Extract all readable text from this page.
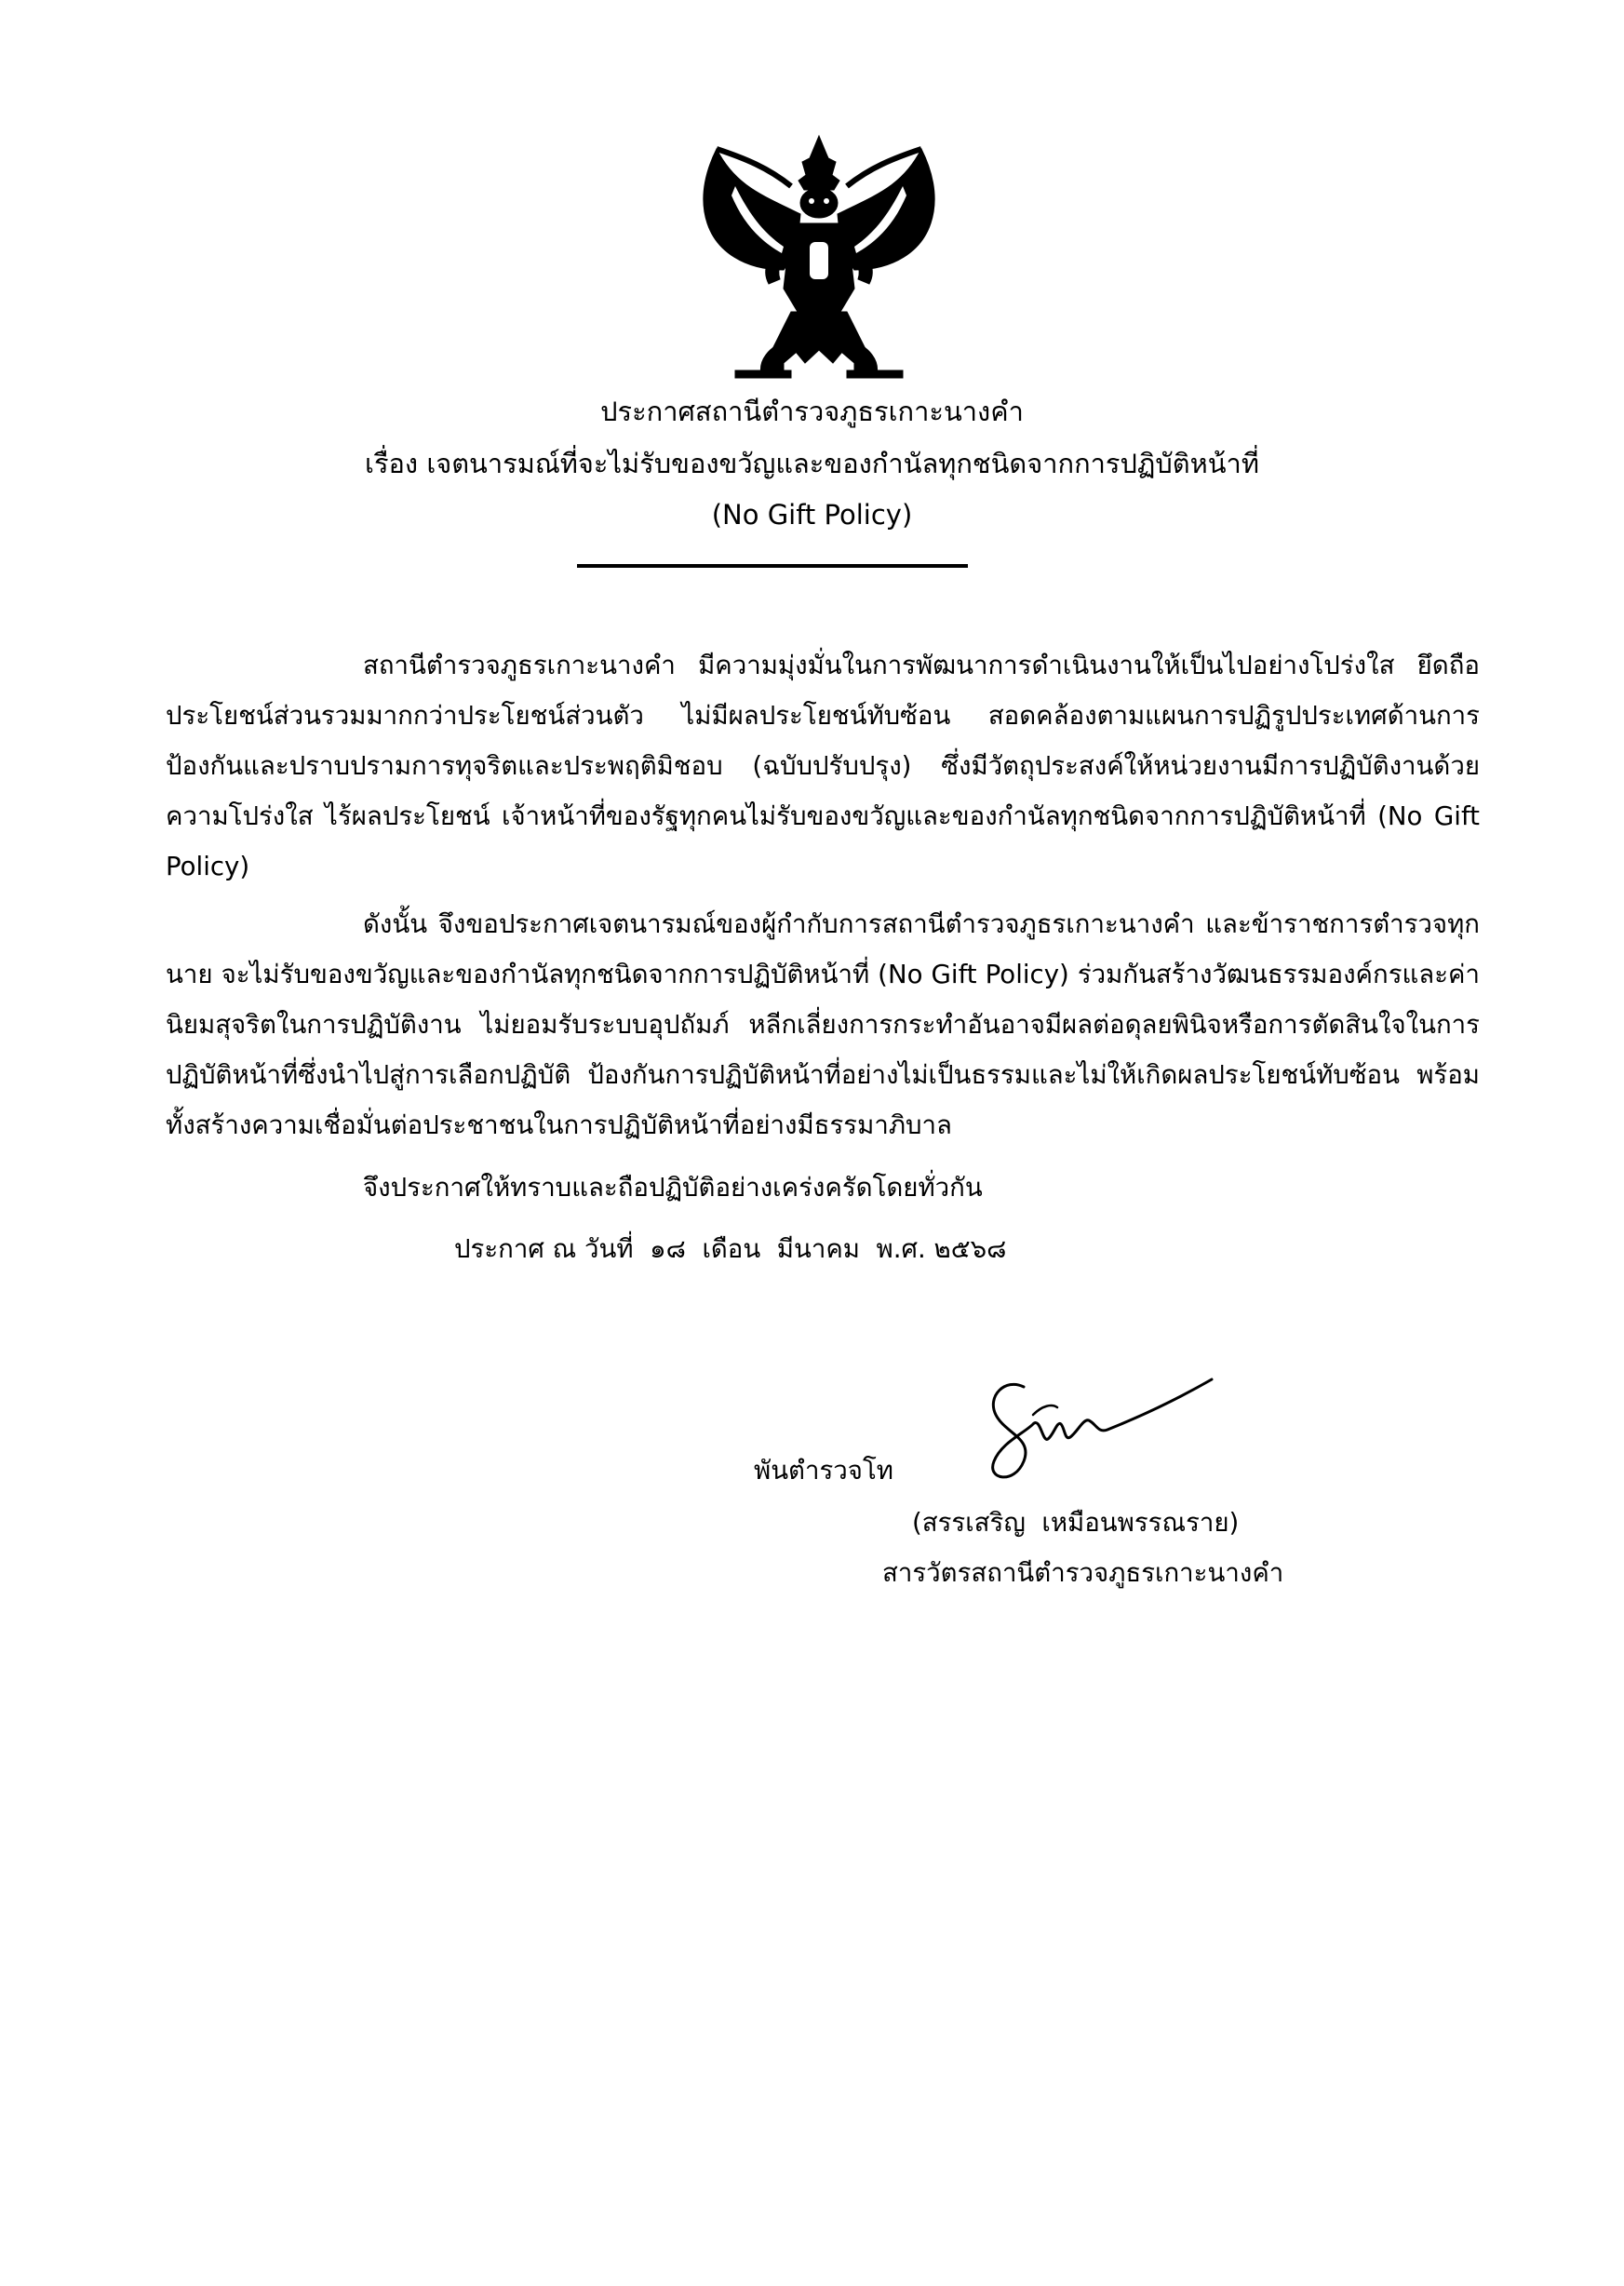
ประกาศสถานีตำรวจภูธรเกาะนางคำ
เรื่อง เจตนารมณ์ที่จะไม่รับของขวัญและของกำนัลทุกชนิดจากการปฏิบัติหน้าที่
(No Gift Policy)
สถานีตำรวจภูธรเกาะนางคำ มีความมุ่งมั่นในการพัฒนาการดำเนินงานให้เป็นไปอย่างโปร่งใส ยึดถือประโยชน์ส่วนรวมมากกว่าประโยชน์ส่วนตัว ไม่มีผลประโยชน์ทับซ้อน สอดคล้องตามแผนการปฏิรูปประเทศด้านการป้องกันและปราบปรามการทุจริตและประพฤติมิชอบ (ฉบับปรับปรุง) ซึ่งมีวัตถุประสงค์ให้หน่วยงานมีการปฏิบัติงานด้วยความโปร่งใส ไร้ผลประโยชน์ เจ้าหน้าที่ของรัฐทุกคนไม่รับของขวัญและของกำนัลทุกชนิดจากการปฏิบัติหน้าที่ (No Gift Policy)
ดังนั้น จึงขอประกาศเจตนารมณ์ของผู้กำกับการสถานีตำรวจภูธรเกาะนางคำ และข้าราชการตำรวจทุกนาย จะไม่รับของขวัญและของกำนัลทุกชนิดจากการปฏิบัติหน้าที่ (No Gift Policy) ร่วมกันสร้างวัฒนธรรมองค์กรและค่านิยมสุจริตในการปฏิบัติงาน ไม่ยอมรับระบบอุปถัมภ์ หลีกเลี่ยงการกระทำอันอาจมีผลต่อดุลยพินิจหรือการตัดสินใจในการปฏิบัติหน้าที่ซึ่งนำไปสู่การเลือกปฏิบัติ ป้องกันการปฏิบัติหน้าที่อย่างไม่เป็นธรรมและไม่ให้เกิดผลประโยชน์ทับซ้อน พร้อมทั้งสร้างความเชื่อมั่นต่อประชาชนในการปฏิบัติหน้าที่อย่างมีธรรมาภิบาล
จึงประกาศให้ทราบและถือปฏิบัติอย่างเคร่งครัดโดยทั่วกัน
ประกาศ ณ วันที่  ๑๘  เดือน  มีนาคม  พ.ศ. ๒๕๖๘
พันตำรวจโท
(สรรเสริญ  เหมือนพรรณราย)
สารวัตรสถานีตำรวจภูธรเกาะนางคำ
